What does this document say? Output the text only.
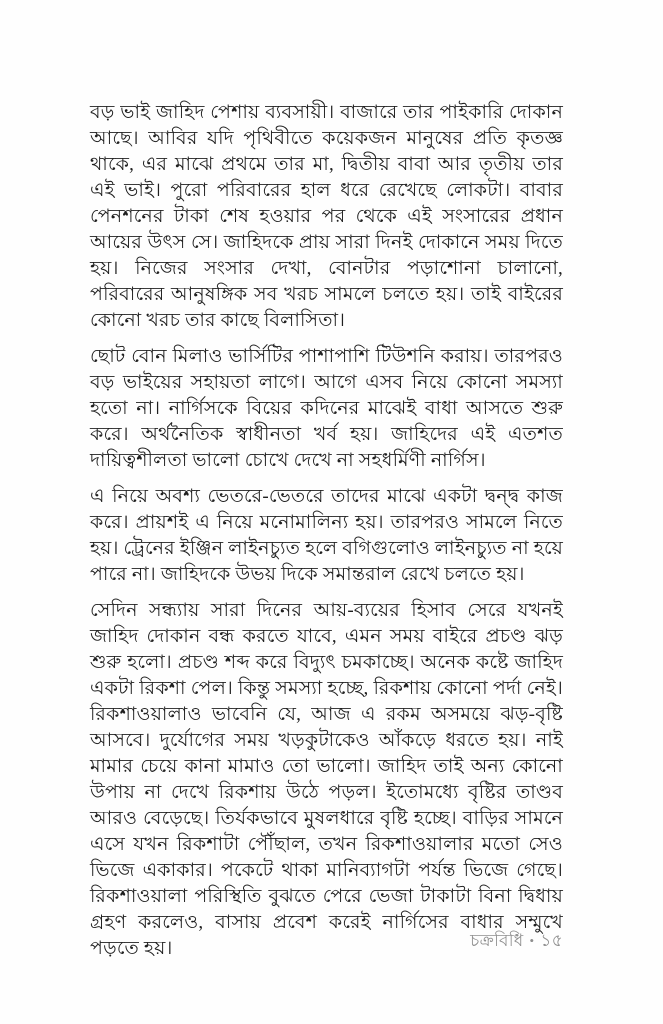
বড় ভাই জাহিদ পেশায় ব্যবসায়ী। বাজারে তার পাইকারি দোকান আছে। আবির যদি পৃথিবীতে কয়েকজন মানুষের প্রতি কৃতজ্ঞ থাকে, এর মাঝে প্রথমে তার মা, দ্বিতীয় বাবা আর তৃতীয় তার এই ভাই। পুরো পরিবারের হাল ধরে রেখেছে লোকটা। বাবার পেনশনের টাকা শেষ হওয়ার পর থেকে এই সংসারের প্রধান আয়ের উৎস সে। জাহিদকে প্রায় সারা দিনই দোকানে সময় দিতে হয়। নিজের সংসার দেখা, বোনটার পড়াশোনা চালানো, পরিবারের আনুষঙ্গিক সব খরচ সামলে চলতে হয়। তাই বাইরের কোনো খরচ তার কাছে বিলাসিতা।

ছোট বোন মিলাও ভার্সিটির পাশাপাশি টিউশনি করায়। তারপরও বড় ভাইয়ের সহায়তা লাগে। আগে এসব নিয়ে কোনো সমস্যা হতো না। নার্গিসকে বিয়ের কদিনের মাঝেই বাধা আসতে শুরু করে। অর্থনৈতিক স্বাধীনতা খর্ব হয়। জাহিদের এই এতশত দায়িত্বশীলতা ভালো চোখে দেখে না সহধর্মিণী নার্গিস।

এ নিয়ে অবশ্য ভেতরে-ভেতরে তাদের মাঝে একটা দ্বন্দ্ব কাজ করে। প্রায়শই এ নিয়ে মনোমালিন্য হয়। তারপরও সামলে নিতে হয়। ট্রেনের ইঞ্জিন লাইনচ্যুত হলে বগিগুলোও লাইনচ্যুত না হয়ে পারে না। জাহিদকে উভয় দিকে সমান্তরাল রেখে চলতে হয়।

সেদিন সন্ধ্যায় সারা দিনের আয়-ব্যয়ের হিসাব সেরে যখনই জাহিদ দোকান বন্ধ করতে যাবে, এমন সময় বাইরে প্রচণ্ড ঝড় শুরু হলো। প্রচণ্ড শব্দ করে বিদ্যুৎ চমকাচ্ছে। অনেক কষ্টে জাহিদ একটা রিকশা পেল। কিন্তু সমস্যা হচ্ছে, রিকশায় কোনো পর্দা নেই। রিকশাওয়ালাও ভাবেনি যে, আজ এ রকম অসময়ে ঝড়-বৃষ্টি আসবে। দুর্যোগের সময় খড়কুটাকেও আঁকড়ে ধরতে হয়। নাই মামার চেয়ে কানা মামাও তো ভালো। জাহিদ তাই অন্য কোনো উপায় না দেখে রিকশায় উঠে পড়ল। ইতোমধ্যে বৃষ্টির তাণ্ডব আরও বেড়েছে। তির্যকভাবে মুষলধারে বৃষ্টি হচ্ছে। বাড়ির সামনে এসে যখন রিকশাটা পৌঁছাল, তখন রিকশাওয়ালার মতো সেও ভিজে একাকার। পকেটে থাকা মানিব্যাগটা পর্যন্ত ভিজে গেছে। রিকশাওয়ালা পরিস্থিতি বুঝতে পেরে ভেজা টাকাটা বিনা দ্বিধায় গ্রহণ করলেও, বাসায় প্রবেশ করেই নার্গিসের বাধার সম্মুখে পড়তে হয়।	চক্রবিধি • ১৫
